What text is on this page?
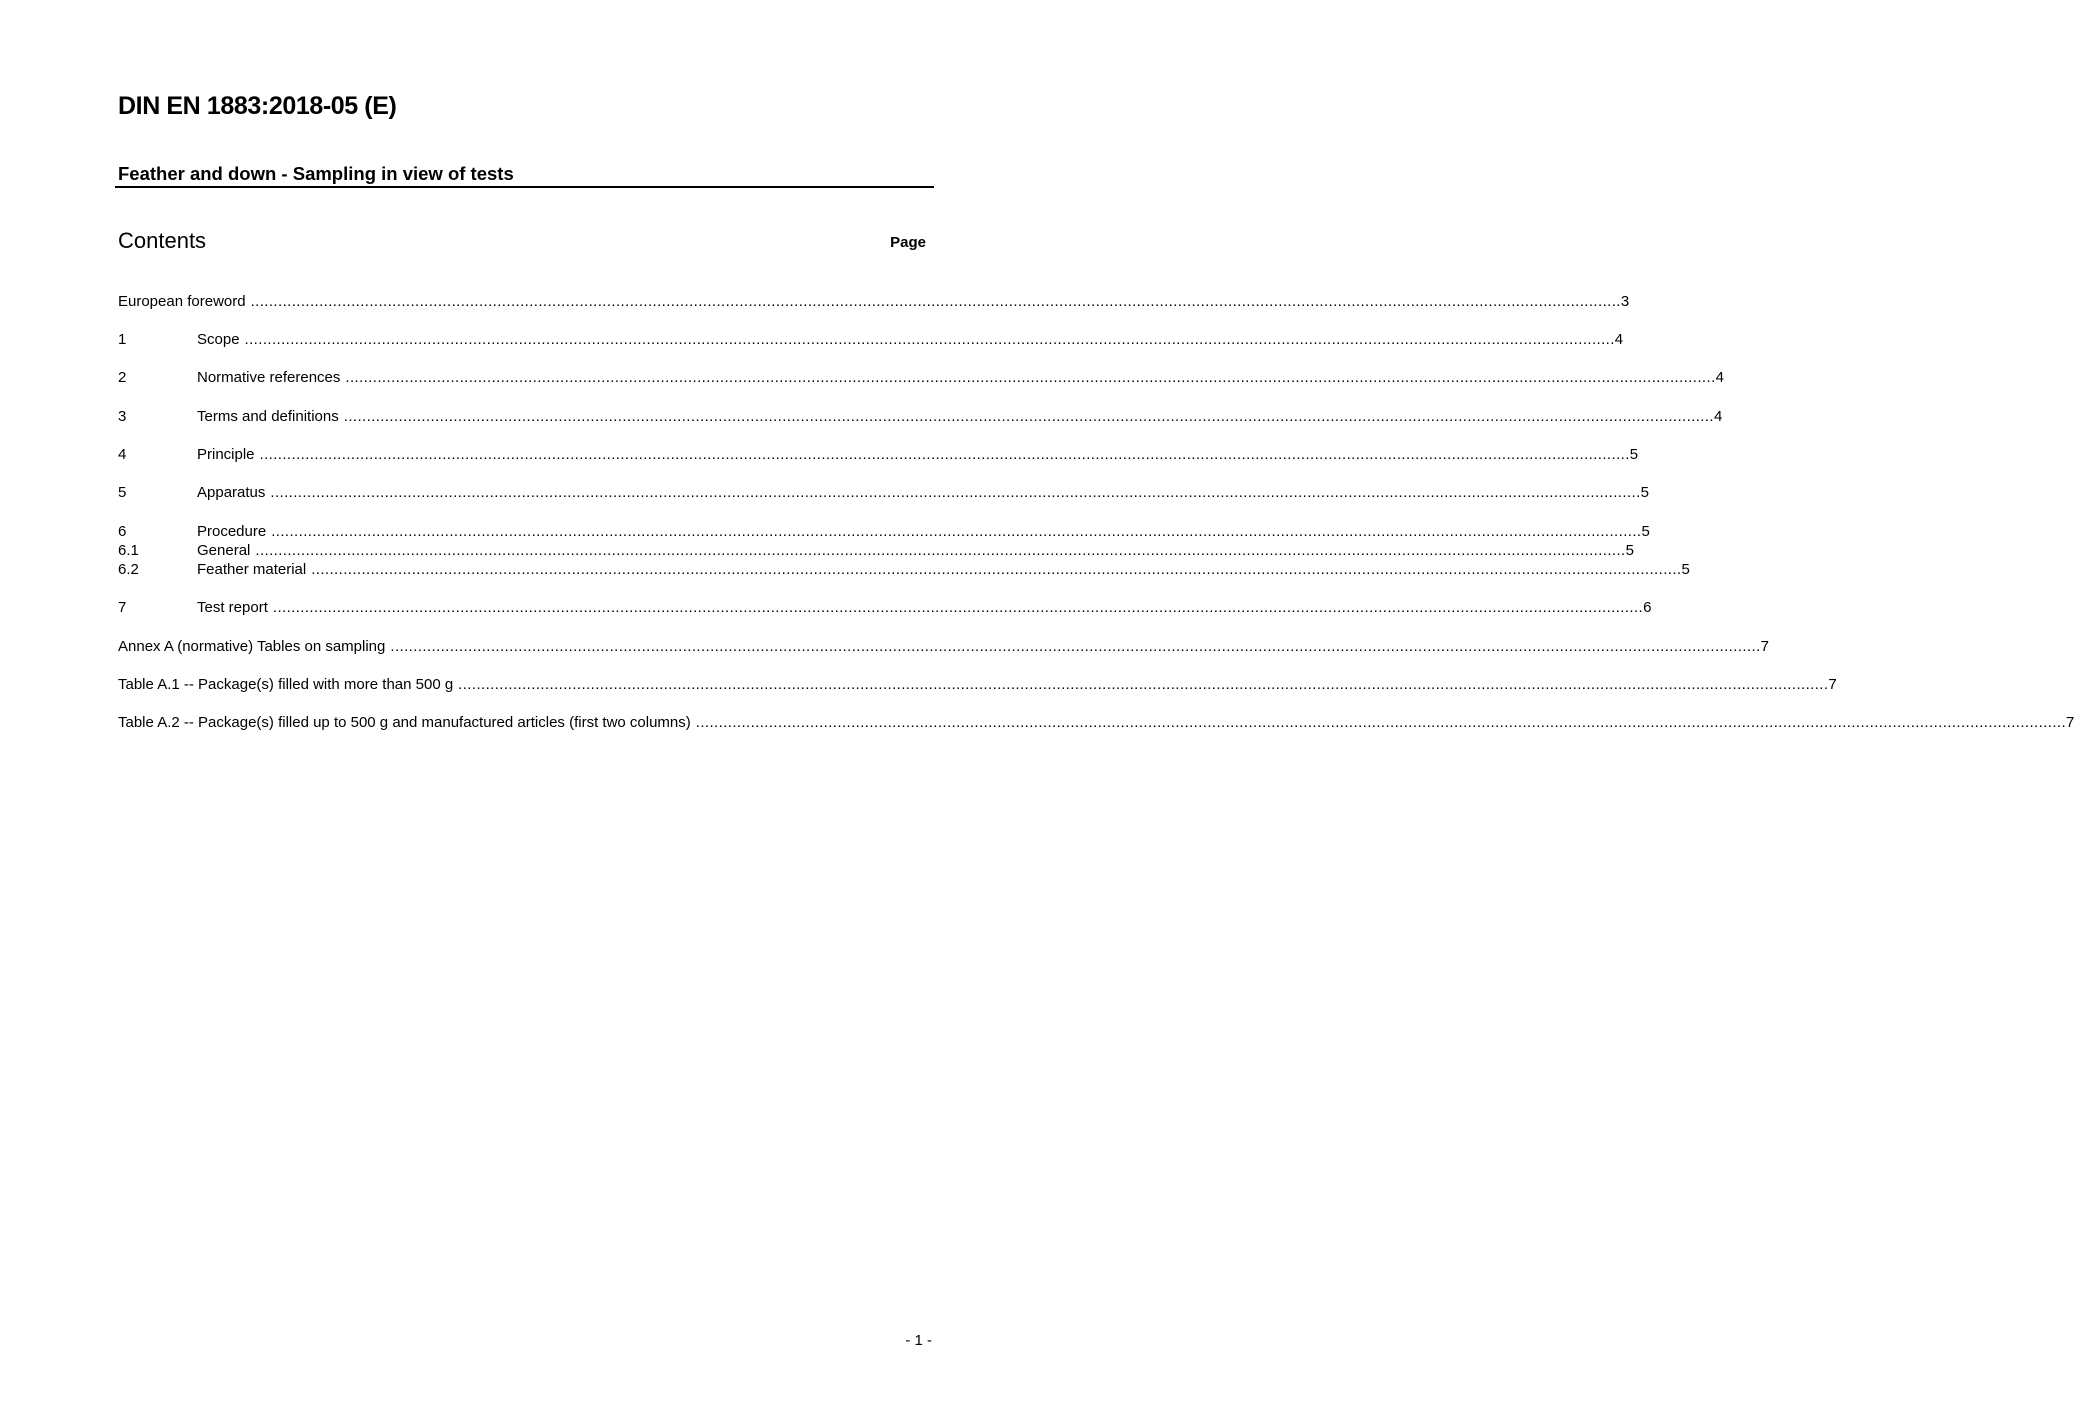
DIN EN 1883:2018-05 (E)
Feather and down - Sampling in view of tests
Contents	Page
European foreword ............................................................................................................................................................................................................................................................................................................ 3
1	Scope ............................................................................................................................................................................................................................................................................................................ 4
2	Normative references ............................................................................................................................................................................................................................................................................................................ 4
3	Terms and definitions ............................................................................................................................................................................................................................................................................................................ 4
4	Principle ............................................................................................................................................................................................................................................................................................................ 5
5	Apparatus ............................................................................................................................................................................................................................................................................................................ 5
6	Procedure ............................................................................................................................................................................................................................................................................................................ 5
6.1	General ............................................................................................................................................................................................................................................................................................................ 5
6.2	Feather material ............................................................................................................................................................................................................................................................................................................ 5
7	Test report ............................................................................................................................................................................................................................................................................................................ 6
Annex A (normative) Tables on sampling ............................................................................................................................................................................................................................................................................................................ 7
Table A.1 -- Package(s) filled with more than 500 g ............................................................................................................................................................................................................................................................................................................ 7
Table A.2 -- Package(s) filled up to 500 g and manufactured articles (first two columns) ............................................................................................................................................................................................................................................................................................................ 7
- 1 -
